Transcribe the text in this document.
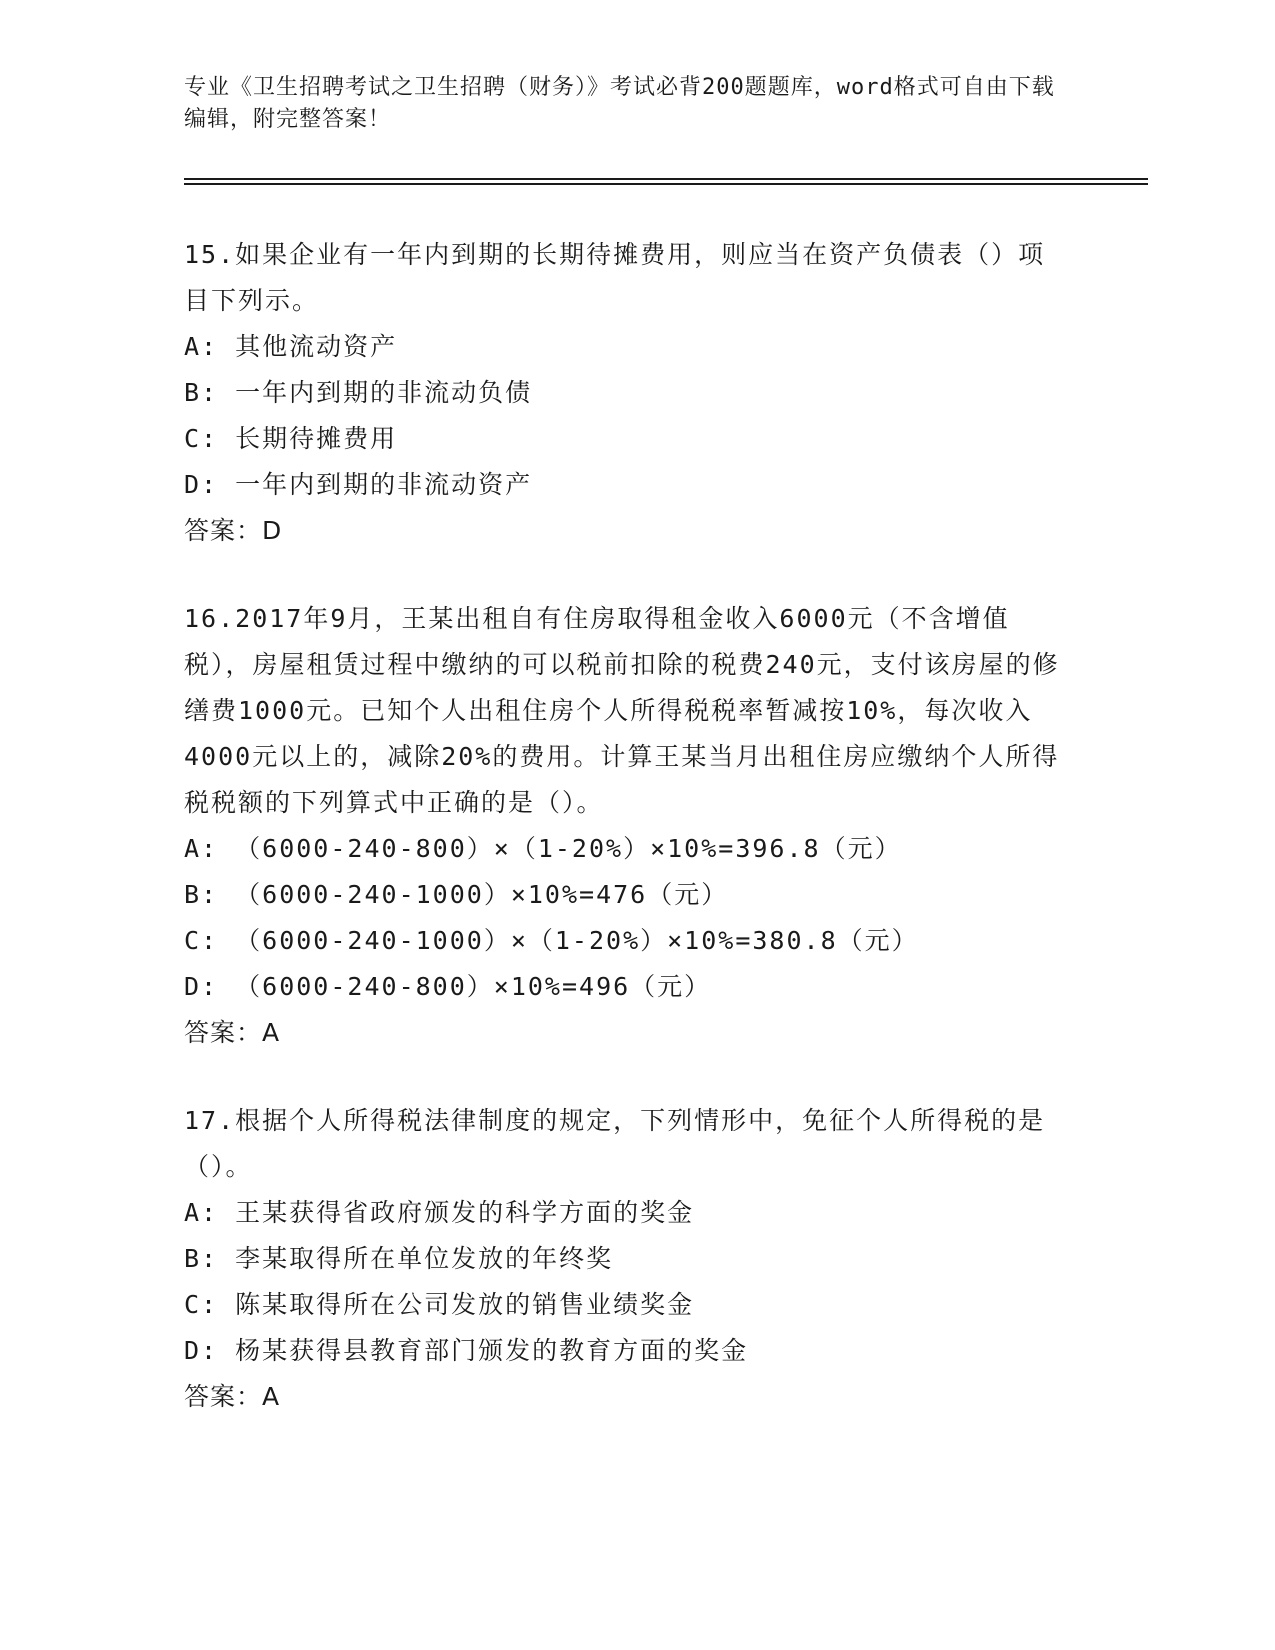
专业《卫生招聘考试之卫生招聘（财务）》考试必背200题题库，word格式可自由下载编辑，附完整答案！

15.如果企业有一年内到期的长期待摊费用，则应当在资产负债表（）项目下列示。

A: 其他流动资产

B: 一年内到期的非流动负债

C: 长期待摊费用

D: 一年内到期的非流动资产

答案：D

16.2017年9月，王某出租自有住房取得租金收入6000元（不含增值税），房屋租赁过程中缴纳的可以税前扣除的税费240元，支付该房屋的修缮费1000元。已知个人出租住房个人所得税税率暂减按10%，每次收入4000元以上的，减除20%的费用。计算王某当月出租住房应缴纳个人所得税税额的下列算式中正确的是（）。

A: （6000-240-800）×（1-20%）×10%=396.8（元）

B: （6000-240-1000）×10%=476（元）

C: （6000-240-1000）×（1-20%）×10%=380.8（元）

D: （6000-240-800）×10%=496（元）

答案：A

17.根据个人所得税法律制度的规定，下列情形中，免征个人所得税的是（）。

A: 王某获得省政府颁发的科学方面的奖金

B: 李某取得所在单位发放的年终奖

C: 陈某取得所在公司发放的销售业绩奖金

D: 杨某获得县教育部门颁发的教育方面的奖金

答案：A
